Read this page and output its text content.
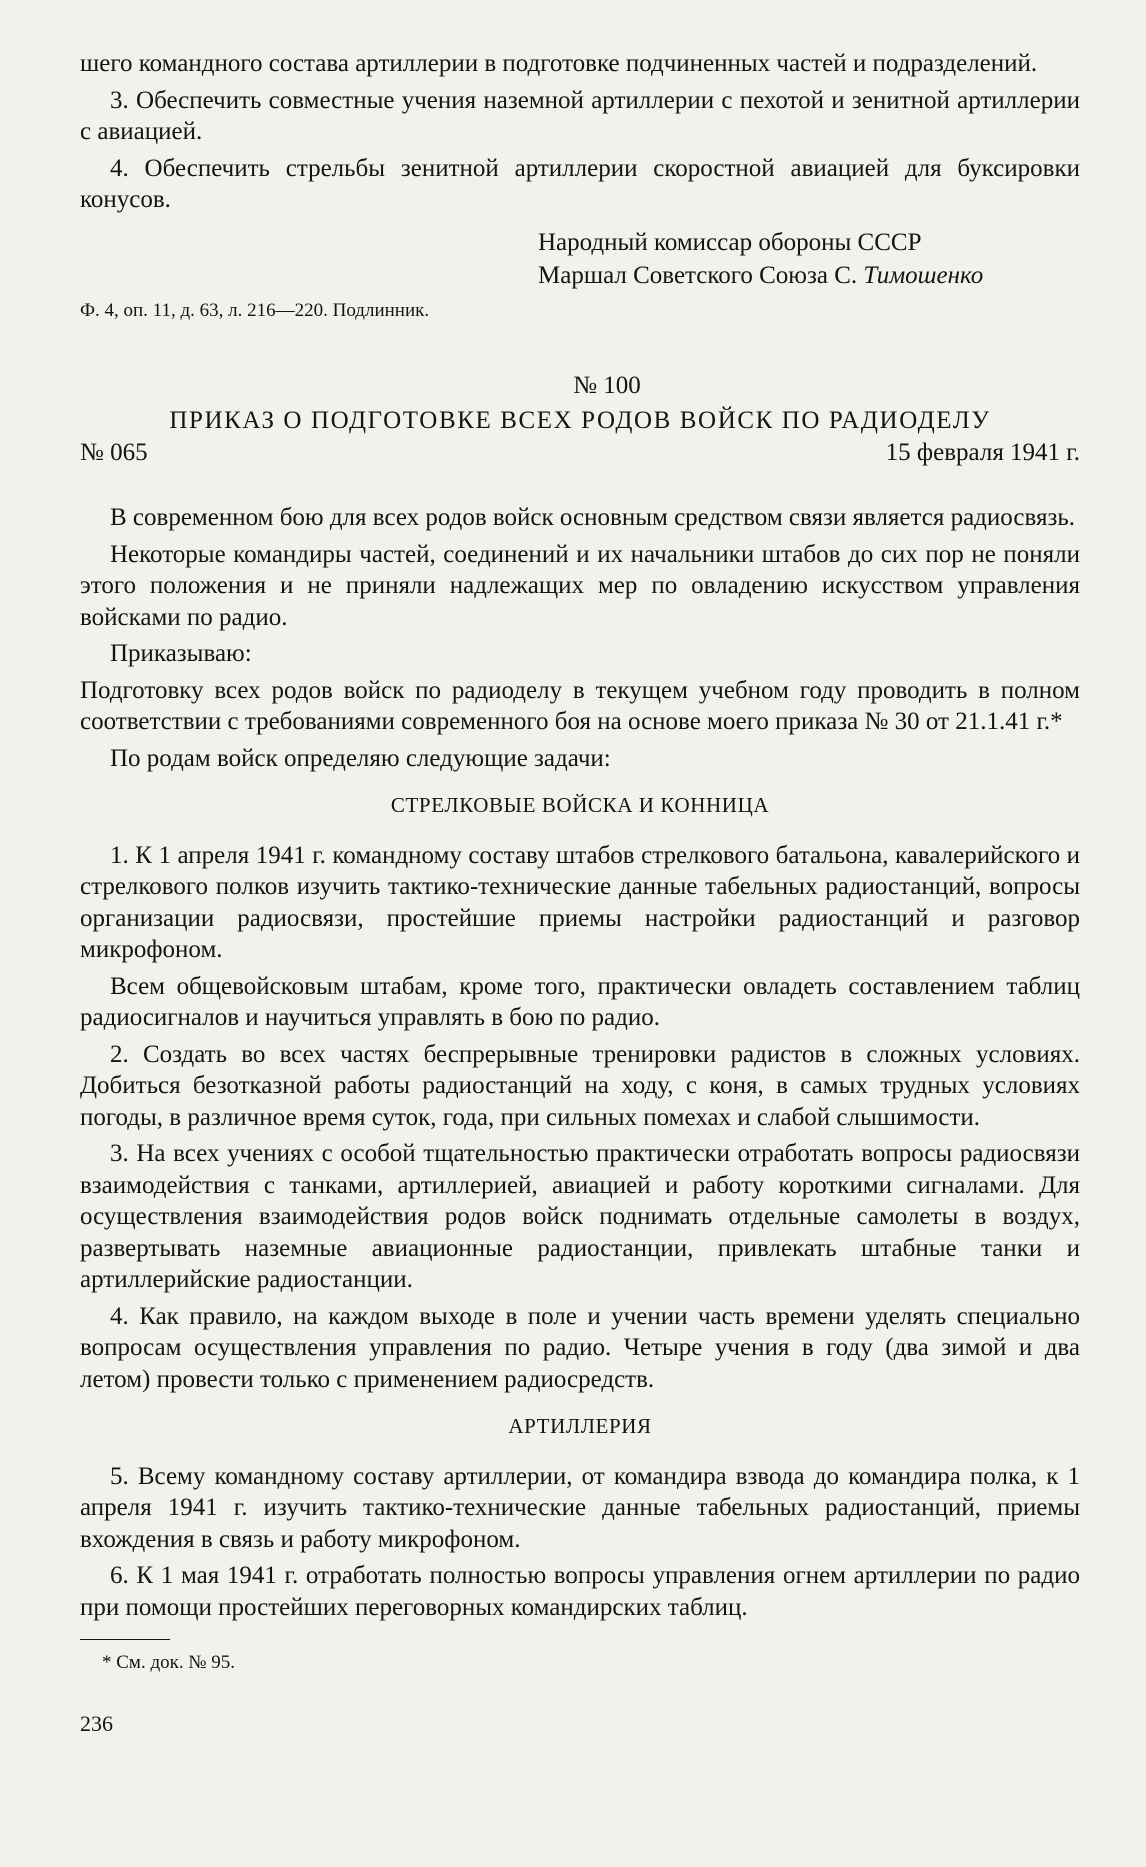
шего командного состава артиллерии в подготовке подчиненных частей и подразделений.

3. Обеспечить совместные учения наземной артиллерии с пехотой и зенитной артиллерии с авиацией.

4. Обеспечить стрельбы зенитной артиллерии скоростной авиацией для буксировки конусов.

Народный комиссар обороны СССР
Маршал Советского Союза С. Тимошенко

Ф. 4, оп. 11, д. 63, л. 216—220. Подлинник.

№ 100
ПРИКАЗ О ПОДГОТОВКЕ ВСЕХ РОДОВ ВОЙСК ПО РАДИОДЕЛУ
№ 065	15 февраля 1941 г.

В современном бою для всех родов войск основным средством связи является радиосвязь.

Некоторые командиры частей, соединений и их начальники штабов до сих пор не поняли этого положения и не приняли надлежащих мер по овладению искусством управления войсками по радио.

Приказываю:

Подготовку всех родов войск по радиоделу в текущем учебном году проводить в полном соответствии с требованиями современного боя на основе моего приказа № 30 от 21.1.41 г.*

По родам войск определяю следующие задачи:

СТРЕЛКОВЫЕ ВОЙСКА И КОННИЦА

1. К 1 апреля 1941 г. командному составу штабов стрелкового батальона, кавалерийского и стрелкового полков изучить тактико-технические данные табельных радиостанций, вопросы организации радиосвязи, простейшие приемы настройки радиостанций и разговор микрофоном.

Всем общевойсковым штабам, кроме того, практически овладеть составлением таблиц радиосигналов и научиться управлять в бою по радио.

2. Создать во всех частях беспрерывные тренировки радистов в сложных условиях. Добиться безотказной работы радиостанций на ходу, с коня, в самых трудных условиях погоды, в различное время суток, года, при сильных помехах и слабой слышимости.

3. На всех учениях с особой тщательностью практически отработать вопросы радиосвязи взаимодействия с танками, артиллерией, авиацией и работу короткими сигналами. Для осуществления взаимодействия родов войск поднимать отдельные самолеты в воздух, развертывать наземные авиационные радиостанции, привлекать штабные танки и артиллерийские радиостанции.

4. Как правило, на каждом выходе в поле и учении часть времени уделять специально вопросам осуществления управления по радио. Четыре учения в году (два зимой и два летом) провести только с применением радиосредств.

АРТИЛЛЕРИЯ

5. Всему командному составу артиллерии, от командира взвода до командира полка, к 1 апреля 1941 г. изучить тактико-технические данные табельных радиостанций, приемы вхождения в связь и работу микрофоном.

6. К 1 мая 1941 г. отработать полностью вопросы управления огнем артиллерии по радио при помощи простейших переговорных командирских таблиц.

* См. док. № 95.

236
